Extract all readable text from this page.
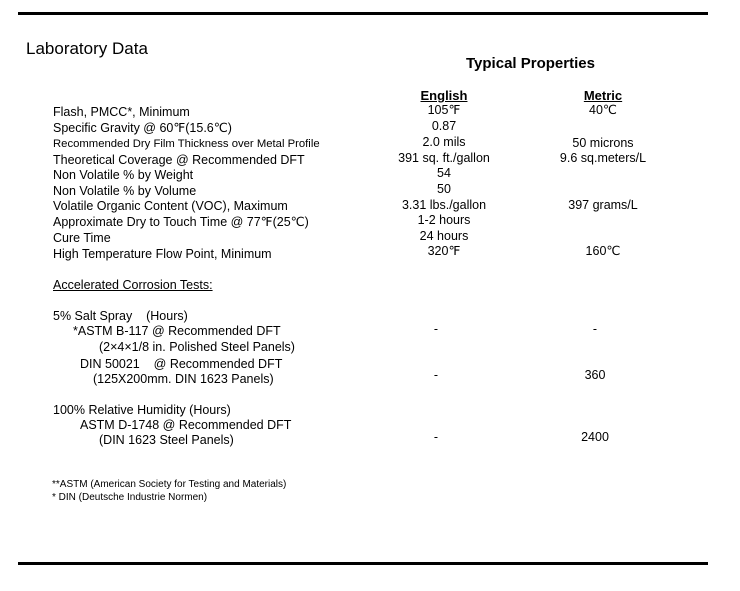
Laboratory Data
Typical Properties
English	Metric
Flash, PMCC*, Minimum	105℉	40℃
Specific Gravity @ 60℉(15.6℃)	0.87
Recommended Dry Film Thickness over Metal Profile	2.0 mils	50 microns
Theoretical Coverage @ Recommended DFT	391 sq. ft./gallon	9.6 sq.meters/L
Non Volatile % by Weight	54
Non Volatile % by Volume	50
Volatile Organic Content (VOC), Maximum	3.31 lbs./gallon	397 grams/L
Approximate Dry to Touch Time @ 77℉(25℃)	1-2 hours
Cure Time	24 hours
High Temperature Flow Point, Minimum	320℉	160℃
Accelerated Corrosion Tests:
5% Salt Spray    (Hours)
*ASTM B-117 @ Recommended DFT
(2×4×1/8 in. Polished Steel Panels)
-	-
DIN 50021    @ Recommended DFT
(125X200mm. DIN 1623 Panels)	-	360
100% Relative Humidity (Hours)
ASTM D-1748 @ Recommended DFT
(DIN 1623 Steel Panels)	-	2400
**ASTM (American Society for Testing and Materials)
* DIN (Deutsche Industrie Normen)
